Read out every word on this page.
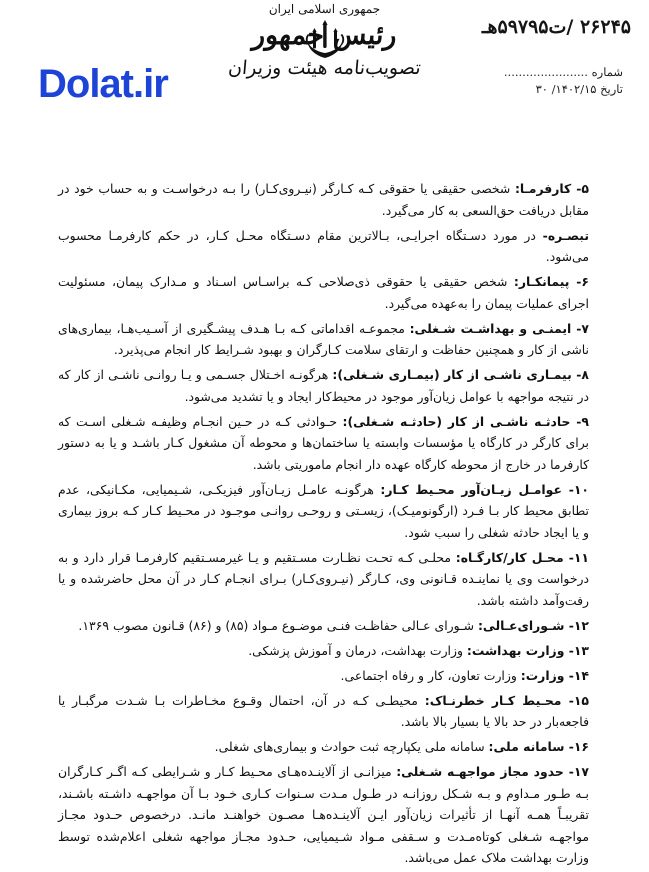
۲۶۲۴۵ /ت۵۹۷۹۵هـ
شماره .......................
تاریخ ۱۴۰۲/۱۵/ ۳۰
جمهوری اسلامی ایران
رئیس جمهور
تصویب‌نامه هیئت وزیران
Dolat.ir

۵- کارفرمـا: شخصی حقیقی یا حقوقی کـه کـارگر (نیـروی‌کـار) را بـه درخواسـت و به حساب خود در مقابل دریافت حق‌السعی به کار می‌گیرد.

تبصـره- در مورد دسـتگاه اجرایـی، بـالاترین مقام دسـتگاه محـل کـار، در حکم کارفرمـا محسوب می‌شود.

۶- پیمانکـار: شخص حقیقی یا حقوقی ذی‌صلاحی کـه براسـاس اسـناد و مـدارک پیمان، مسئولیت اجرای عملیات پیمان را به‌عهده می‌گیرد.

۷- ایمنـی و بهداشـت شـغلی: مجموعـه اقداماتی کـه بـا هـدف پیشـگیری از آسـیب‌هـا، بیماری‌های ناشی از کار و همچنین حفاظت و ارتقای سلامت کـارگران و بهبود شـرایط کار انجام می‌پذیرد.

۸- بیمـاری ناشـی از کار (بیمـاری شـغلی): هرگونـه اخـتلال جسـمی و یـا روانـی ناشـی از کار که در نتیجه مواجهه با عوامل زیان‌آور موجود در محیط‌کار ایجاد و یا تشدید می‌شود.

۹- حادثـه ناشـی از کار (حادثـه شـغلی): حـوادثی کـه در حـین انجـام وظیفـه شـغلی اسـت که برای کارگر در کارگاه یا مؤسسات وابسته یا ساختمان‌ها و محوطه آن مشغول کـار باشـد و یا به دستور کارفرما در خارج از محوطه کارگاه عهده دار انجام ماموریتی باشد.

۱۰- عوامـل زیـان‌آور محـیط کـار: هرگونـه عامـل زیـان‌آور فیزیکـی، شـیمیایی، مکـانیکی، عدم تطابق محیط کار بـا فـرد (ارگونومیـک)، زیسـتی و روحـی روانـی موجـود در محـیط کـار کـه بروز بیماری و یا ایجاد حادثه شغلی را سبب شود.

۱۱- محـل کار/کارگـاه: محلـی کـه تحـت نظـارت مسـتقیم و یـا غیرمسـتقیم کارفرمـا قرار دارد و به درخواست وی یا نماینـده قـانونی وی، کـارگر (نیـروی‌کـار) بـرای انجـام کـار در آن محل حاضرشده و یا رفت‌وآمد داشته باشد.

۱۲- شـورای‌عـالی: شـورای عـالی حفاظـت فنـی موضـوع مـواد (۸۵) و (۸۶) قـانون مصوب ۱۳۶۹.

۱۳- وزارت بهداشت: وزارت بهداشت، درمان و آموزش پزشکی.

۱۴- وزارت: وزارت تعاون، کار و رفاه اجتماعی.

۱۵- محـیط کـار خطرنـاک: محیطـی کـه در آن، احتمال وقـوع مخـاطرات بـا شـدت مرگبـار یا فاجعه‌بار در حد بالا یا بسیار بالا باشد.

۱۶- سامانه ملی: سامانه ملی یکپارچه ثبت حوادث و بیماری‌های شغلی.

۱۷- حدود مجاز مواجهـه شـغلی: میزانـی از آلاینـده‌هـای محـیط کـار و شـرایطی کـه اگـر کـارگران بـه طـور مـداوم و بـه شـکل روزانـه در طـول مـدت سـنوات کـاری خـود بـا آن مواجهـه داشـته باشـند، تقریبـاً همـه آنهـا از تأثیرات زیان‌آور ایـن آلاینـده‌هـا مصـون خواهنـد مانـد. درخصوص حـدود مجـاز مواجهـه شـغلی کوتاه‌مـدت و سـقفی مـواد شـیمیایی، حـدود مجـاز مواجهه شغلی اعلام‌شده توسط وزارت بهداشت ملاک عمل می‌باشد.
